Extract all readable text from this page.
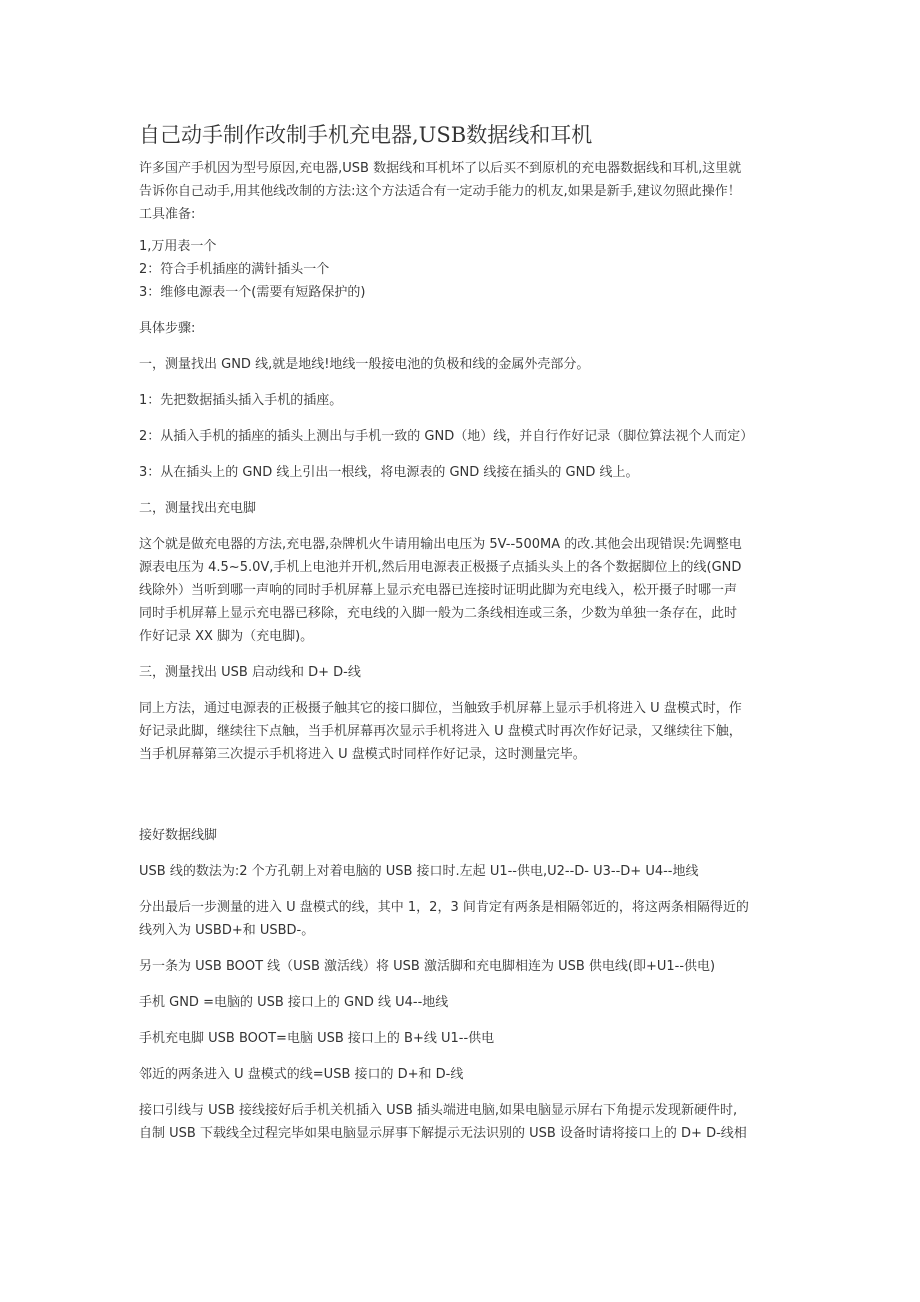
自己动手制作改制手机充电器,USB数据线和耳机

许多国产手机因为型号原因,充电器,USB 数据线和耳机坏了以后买不到原机的充电器数据线和耳机,这里就
告诉你自己动手,用其他线改制的方法:这个方法适合有一定动手能力的机友,如果是新手,建议勿照此操作！
工具准备:

1,万用表一个
2：符合手机插座的满针插头一个
3：维修电源表一个(需要有短路保护的)

具体步骤:

一，测量找出 GND 线,就是地线!地线一般接电池的负极和线的金属外壳部分。

1：先把数据插头插入手机的插座。

2：从插入手机的插座的插头上测出与手机一致的 GND（地）线，并自行作好记录（脚位算法视个人而定）

3：从在插头上的 GND 线上引出一根线，将电源表的 GND 线接在插头的 GND 线上。

二，测量找出充电脚

这个就是做充电器的方法,充电器,杂牌机火牛请用输出电压为 5V--500MA 的改.其他会出现错误:先调整电
源表电压为 4.5~5.0V,手机上电池并开机,然后用电源表正极摄子点插头头上的各个数据脚位上的线(GND
线除外）当听到哪一声响的同时手机屏幕上显示充电器已连接时证明此脚为充电线入，松开摄子时哪一声
同时手机屏幕上显示充电器已移除，充电线的入脚一般为二条线相连或三条，少数为单独一条存在，此时
作好记录 XX 脚为（充电脚)。

三，测量找出 USB 启动线和 D+ D-线

同上方法，通过电源表的正极摄子触其它的接口脚位，当触致手机屏幕上显示手机将进入 U 盘模式时，作
好记录此脚，继续往下点触，当手机屏幕再次显示手机将进入 U 盘模式时再次作好记录，又继续往下触，
当手机屏幕第三次提示手机将进入 U 盘模式时同样作好记录，这时测量完毕。

接好数据线脚

USB 线的数法为:2 个方孔朝上对着电脑的 USB 接口时.左起 U1--供电,U2--D- U3--D+ U4--地线

分出最后一步测量的进入 U 盘模式的线，其中 1，2，3 间肯定有两条是相隔邻近的，将这两条相隔得近的
线列入为 USBD+和 USBD-。

另一条为 USB BOOT 线（USB 激活线）将 USB 激活脚和充电脚相连为 USB 供电线(即+U1--供电)

手机 GND =电脑的 USB 接口上的 GND 线 U4--地线

手机充电脚 USB BOOT=电脑 USB 接口上的 B+线 U1--供电

邻近的两条进入 U 盘模式的线=USB 接口的 D+和 D-线

接口引线与 USB 接线接好后手机关机插入 USB 插头端进电脑,如果电脑显示屏右下角提示发现新硬件时,
自制 USB 下载线全过程完毕如果电脑显示屏事下解提示无法识别的 USB 设备时请将接口上的 D+ D-线相
